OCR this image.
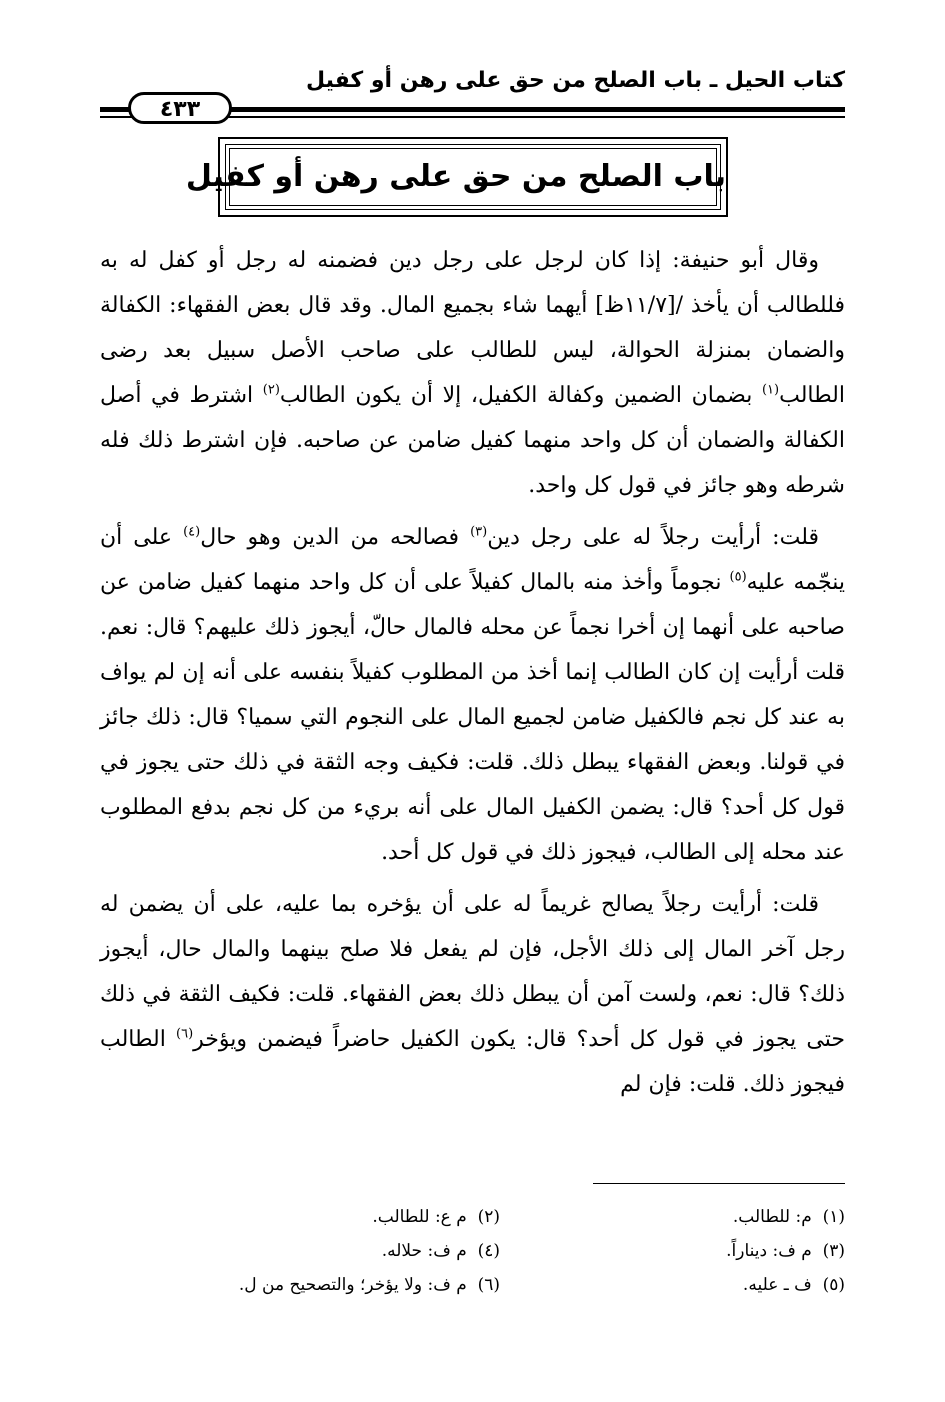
كتاب الحيل ـ باب الصلح من حق على رهن أو كفيل
٤٣٣
باب الصلح من حق على رهن أو كفيل

وقال أبو حنيفة: إذا كان لرجل على رجل دين فضمنه له رجل أو كفل له به فللطالب أن يأخذ /[١١/٧ظ] أيهما شاء بجميع المال. وقد قال بعض الفقهاء: الكفالة والضمان بمنزلة الحوالة، ليس للطالب على صاحب الأصل سبيل بعد رضى الطالب$^{(١)}$ بضمان الضمين وكفالة الكفيل، إلا أن يكون الطالب$^{(٢)}$ اشترط في أصل الكفالة والضمان أن كل واحد منهما كفيل ضامن عن صاحبه. فإن اشترط ذلك فله شرطه وهو جائز في قول كل واحد.

قلت: أرأيت رجلاً له على رجل دين$^{(٣)}$ فصالحه من الدين وهو حال$^{(٤)}$ على أن ينجّمه عليه$^{(٥)}$ نجوماً وأخذ منه بالمال كفيلاً على أن كل واحد منهما كفيل ضامن عن صاحبه على أنهما إن أخرا نجماً عن محله فالمال حالّ، أيجوز ذلك عليهم؟ قال: نعم. قلت أرأيت إن كان الطالب إنما أخذ من المطلوب كفيلاً بنفسه على أنه إن لم يواف به عند كل نجم فالكفيل ضامن لجميع المال على النجوم التي سميا؟ قال: ذلك جائز في قولنا. وبعض الفقهاء يبطل ذلك. قلت: فكيف وجه الثقة في ذلك حتى يجوز في قول كل أحد؟ قال: يضمن الكفيل المال على أنه بريء من كل نجم بدفع المطلوب عند محله إلى الطالب، فيجوز ذلك في قول كل أحد.

قلت: أرأيت رجلاً يصالح غريماً له على أن يؤخره بما عليه، على أن يضمن له رجل آخر المال إلى ذلك الأجل، فإن لم يفعل فلا صلح بينهما والمال حال، أيجوز ذلك؟ قال: نعم، ولست آمن أن يبطل ذلك بعض الفقهاء. قلت: فكيف الثقة في ذلك حتى يجوز في قول كل أحد؟ قال: يكون الكفيل حاضراً فيضمن ويؤخر$^{(٦)}$ الطالب فيجوز ذلك. قلت: فإن لم

(١)  م: للطالب.
(٢)  م ع: للطالب.
(٣)  م ف: ديناراً.
(٤)  م ف: حلاله.
(٥)  ف ـ عليه.
(٦)  م ف: ولا يؤخر؛ والتصحيح من ل.
